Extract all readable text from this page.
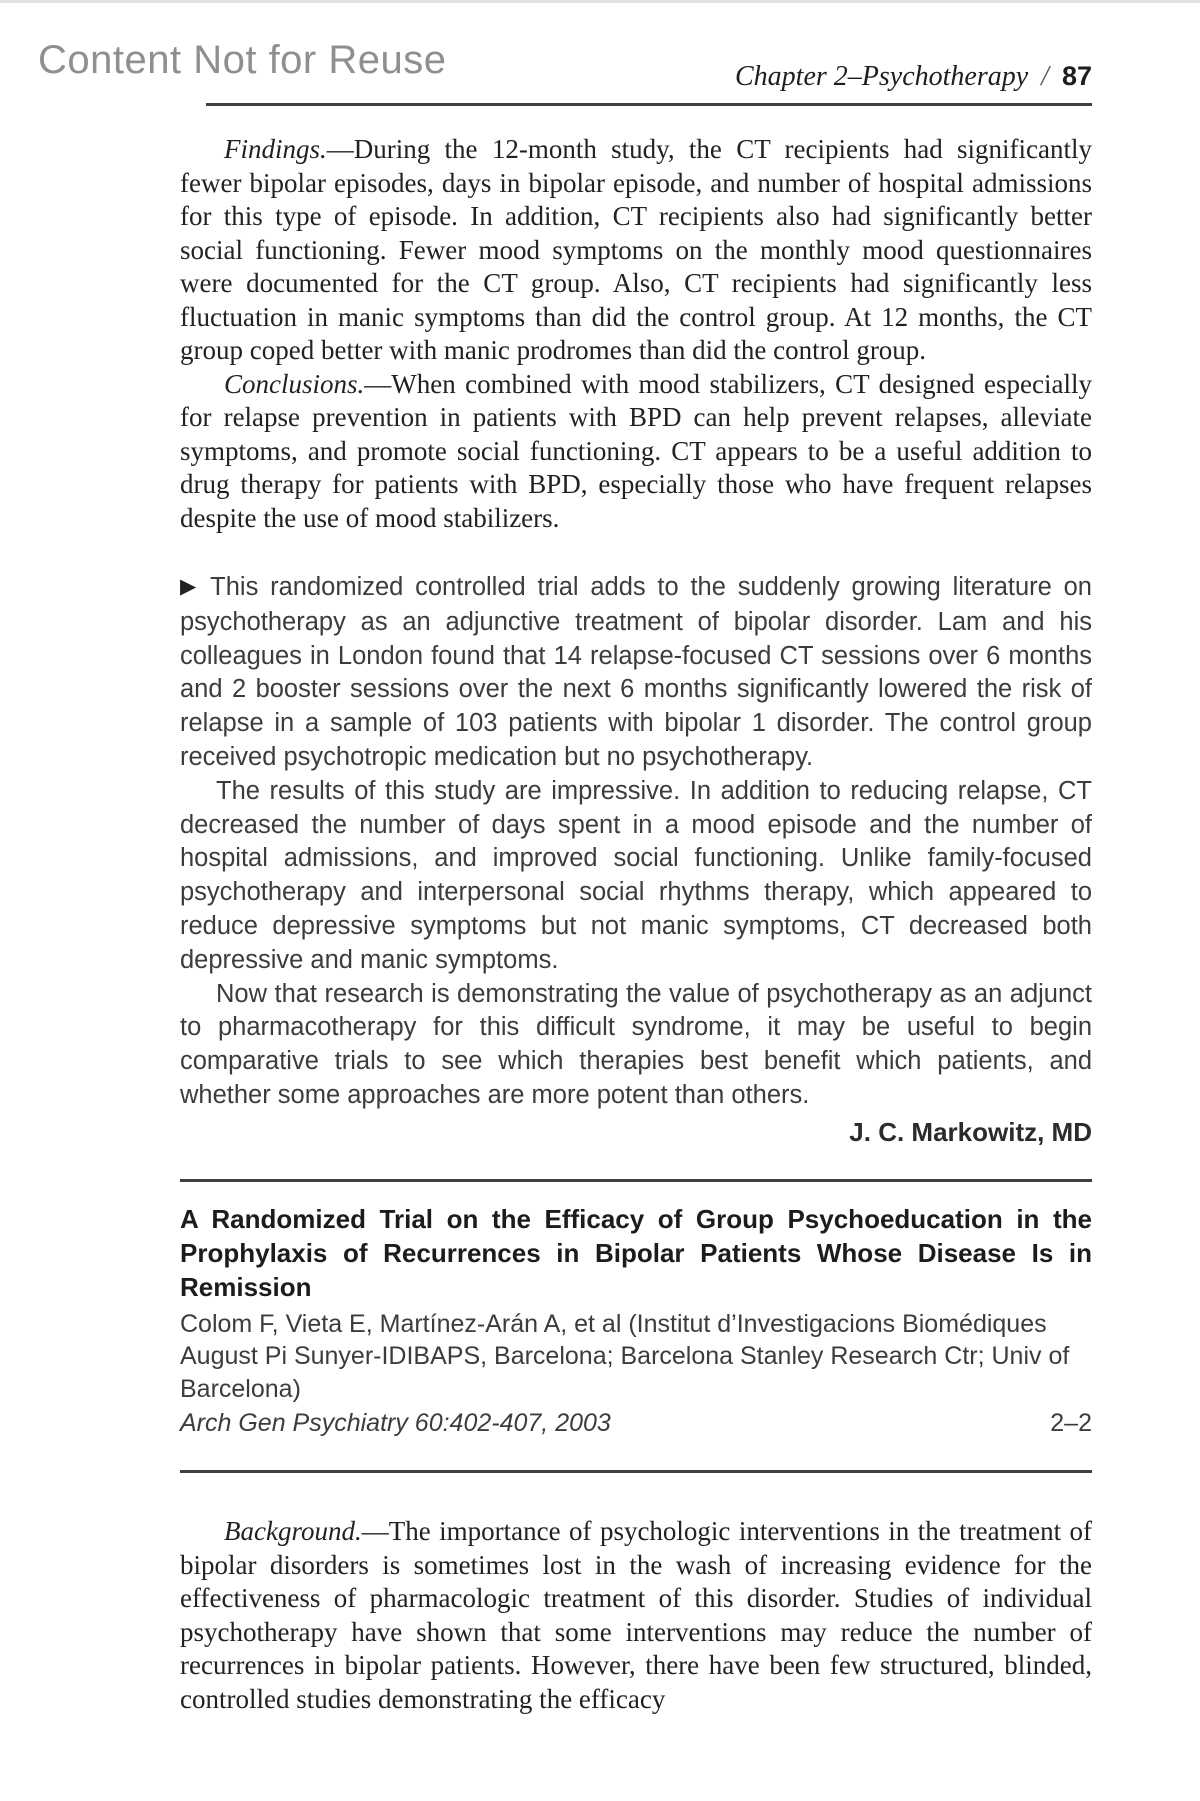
Content Not for Reuse	Chapter 2–Psychotherapy / 87

Findings.—During the 12-month study, the CT recipients had significantly fewer bipolar episodes, days in bipolar episode, and number of hospital admissions for this type of episode. In addition, CT recipients also had significantly better social functioning. Fewer mood symptoms on the monthly mood questionnaires were documented for the CT group. Also, CT recipients had significantly less fluctuation in manic symptoms than did the control group. At 12 months, the CT group coped better with manic prodromes than did the control group.

Conclusions.—When combined with mood stabilizers, CT designed especially for relapse prevention in patients with BPD can help prevent relapses, alleviate symptoms, and promote social functioning. CT appears to be a useful addition to drug therapy for patients with BPD, especially those who have frequent relapses despite the use of mood stabilizers.

▶ This randomized controlled trial adds to the suddenly growing literature on psychotherapy as an adjunctive treatment of bipolar disorder. Lam and his colleagues in London found that 14 relapse-focused CT sessions over 6 months and 2 booster sessions over the next 6 months significantly lowered the risk of relapse in a sample of 103 patients with bipolar 1 disorder. The control group received psychotropic medication but no psychotherapy.

The results of this study are impressive. In addition to reducing relapse, CT decreased the number of days spent in a mood episode and the number of hospital admissions, and improved social functioning. Unlike family-focused psychotherapy and interpersonal social rhythms therapy, which appeared to reduce depressive symptoms but not manic symptoms, CT decreased both depressive and manic symptoms.

Now that research is demonstrating the value of psychotherapy as an adjunct to pharmacotherapy for this difficult syndrome, it may be useful to begin comparative trials to see which therapies best benefit which patients, and whether some approaches are more potent than others.

J. C. Markowitz, MD

A Randomized Trial on the Efficacy of Group Psychoeducation in the Prophylaxis of Recurrences in Bipolar Patients Whose Disease Is in Remission

Colom F, Vieta E, Martínez-Arán A, et al (Institut d’Investigacions Biomédiques August Pi Sunyer-IDIBAPS, Barcelona; Barcelona Stanley Research Ctr; Univ of Barcelona)

Arch Gen Psychiatry 60:402-407, 2003	2–2

Background.—The importance of psychologic interventions in the treatment of bipolar disorders is sometimes lost in the wash of increasing evidence for the effectiveness of pharmacologic treatment of this disorder. Studies of individual psychotherapy have shown that some interventions may reduce the number of recurrences in bipolar patients. However, there have been few structured, blinded, controlled studies demonstrating the efficacy
